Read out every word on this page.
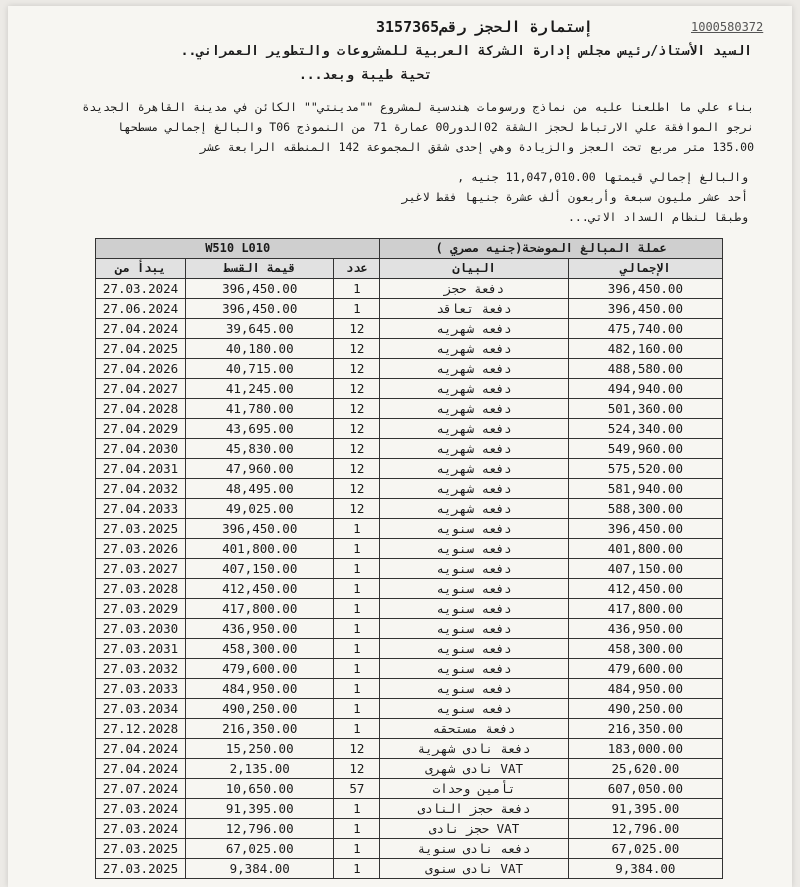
1000580372
إستمارة الحجز رقم3157365
السيد الأستاذ/رئيس مجلس إدارة الشركة العربية للمشروعات والتطوير العمراني..
تحية طيبة وبعد...
بناء علي ما اطلعنا عليه من نماذج ورسومات هندسية لمشروع ""مدينتي"" الكائن في مدينة القاهرة الجديدة
نرجو الموافقة علي الارتباط لحجز الشقة 02الدور00 عمارة 71 من النموذج T06 والبالغ إجمالي مسطحها
135.00 متر مربع تحت العجز والزيادة وهي إحدى شقق المجموعة 142 المنطقه الرابعة عشر
والبالغ إجمالي قيمتها 11,047,010.00 جنيه ,
أحد عشر مليون سبعة وأربعون ألف عشرة جنيها فقط لاغير
وطبقا لنظام السداد الاتي...
W510 L010			عملة المبالغ الموضحة(جنيه مصري )	
يبدأ من	قيمة القسط	عدد	البيان	الإجمالي
27.03.2024	396,450.00	1	دفعة حجز	396,450.00
27.06.2024	396,450.00	1	دفعة تعاقد	396,450.00
27.04.2024	39,645.00	12	دفعه شهريه	475,740.00
27.04.2025	40,180.00	12	دفعه شهريه	482,160.00
27.04.2026	40,715.00	12	دفعه شهريه	488,580.00
27.04.2027	41,245.00	12	دفعه شهريه	494,940.00
27.04.2028	41,780.00	12	دفعه شهريه	501,360.00
27.04.2029	43,695.00	12	دفعه شهريه	524,340.00
27.04.2030	45,830.00	12	دفعه شهريه	549,960.00
27.04.2031	47,960.00	12	دفعه شهريه	575,520.00
27.04.2032	48,495.00	12	دفعه شهريه	581,940.00
27.04.2033	49,025.00	12	دفعه شهريه	588,300.00
27.03.2025	396,450.00	1	دفعه سنويه	396,450.00
27.03.2026	401,800.00	1	دفعه سنويه	401,800.00
27.03.2027	407,150.00	1	دفعه سنويه	407,150.00
27.03.2028	412,450.00	1	دفعه سنويه	412,450.00
27.03.2029	417,800.00	1	دفعه سنويه	417,800.00
27.03.2030	436,950.00	1	دفعه سنويه	436,950.00
27.03.2031	458,300.00	1	دفعه سنويه	458,300.00
27.03.2032	479,600.00	1	دفعه سنويه	479,600.00
27.03.2033	484,950.00	1	دفعه سنويه	484,950.00
27.03.2034	490,250.00	1	دفعه سنويه	490,250.00
27.12.2028	216,350.00	1	دفعة مستحقه	216,350.00
27.04.2024	15,250.00	12	دفعة نادى شهرية	183,000.00
27.04.2024	2,135.00	12	VAT نادى شهرى	25,620.00
27.07.2024	10,650.00	57	تأمين وحدات	607,050.00
27.03.2024	91,395.00	1	دفعة حجز النادى	91,395.00
27.03.2024	12,796.00	1	VAT حجز نادى	12,796.00
27.03.2025	67,025.00	1	دفعه نادى سنوية	67,025.00
27.03.2025	9,384.00	1	VAT نادى سنوى	9,384.00
